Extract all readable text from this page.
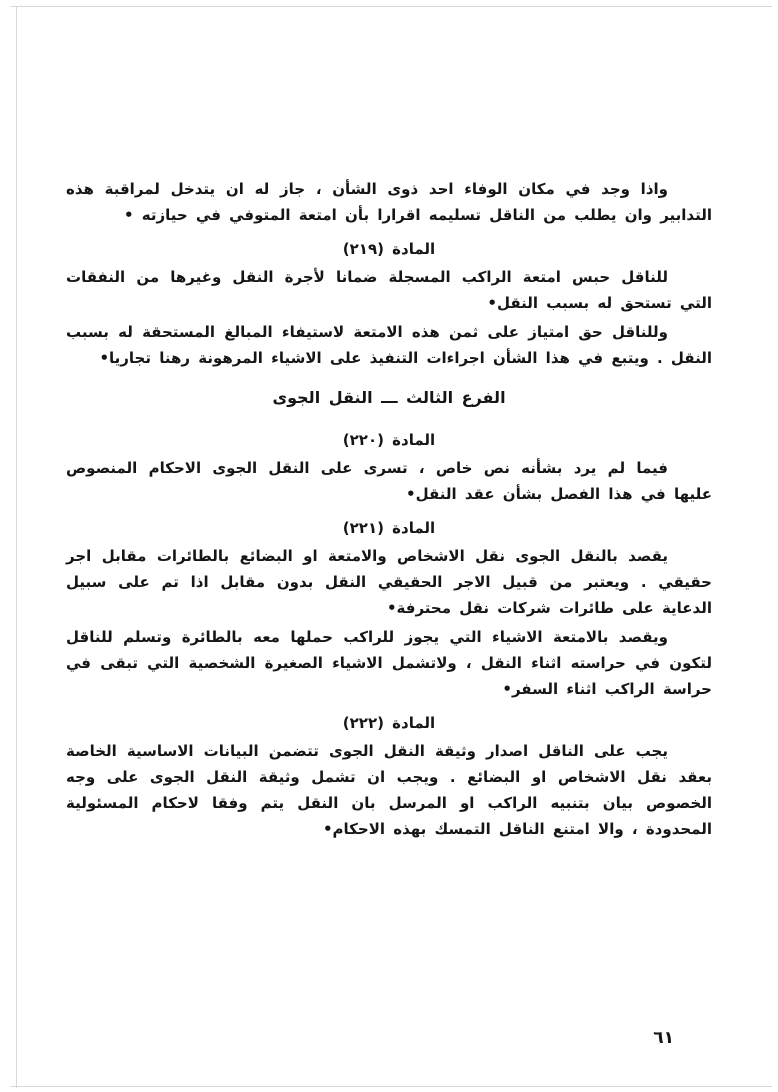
واذا وجد في مكان الوفاء احد ذوى الشأن ، جاز له ان يتدخل لمراقبة هذه التدابير وان يطلب من الناقل تسليمه اقرارا بأن امتعة المتوفي في حيازته •

المادة (٢١٩)

للناقل حبس امتعة الراكب المسجلة ضمانا لأجرة النقل وغيرها من النفقات التي تستحق له بسبب النقل•

وللناقل حق امتياز على ثمن هذه الامتعة لاستيفاء المبالغ المستحقة له بسبب النقل . ويتبع في هذا الشأن اجراءات التنفيذ على الاشياء المرهونة رهنا تجاريا•

الفرع الثالث ـــ النقل الجوى
المادة (٢٢٠)

فيما لم يرد بشأنه نص خاص ، تسرى على النقل الجوى الاحكام المنصوص عليها في هذا الفصل بشأن عقد النقل•

المادة (٢٢١)

يقصد بالنقل الجوى نقل الاشخاص والامتعة او البضائع بالطائرات مقابل اجر حقيقي . ويعتبر من قبيل الاجر الحقيقي النقل بدون مقابل اذا تم على سبيل الدعاية على طائرات شركات نقل محترفة•

ويقصد بالامتعة الاشياء التي يجوز للراكب حملها معه بالطائرة وتسلم للناقل لتكون في حراسته اثناء النقل ، ولاتشمل الاشياء الصغيرة الشخصية التي تبقى في حراسة الراكب اثناء السفر•

المادة (٢٢٢)

يجب على الناقل اصدار وثيقة النقل الجوى تتضمن البيانات الاساسية الخاصة بعقد نقل الاشخاص او البضائع . ويجب ان تشمل وثيقة النقل الجوى على وجه الخصوص بيان بتنبيه الراكب او المرسل بان النقل يتم وفقا لاحكام المسئولية المحدودة ، والا امتنع الناقل التمسك بهذه الاحكام•

٦١
